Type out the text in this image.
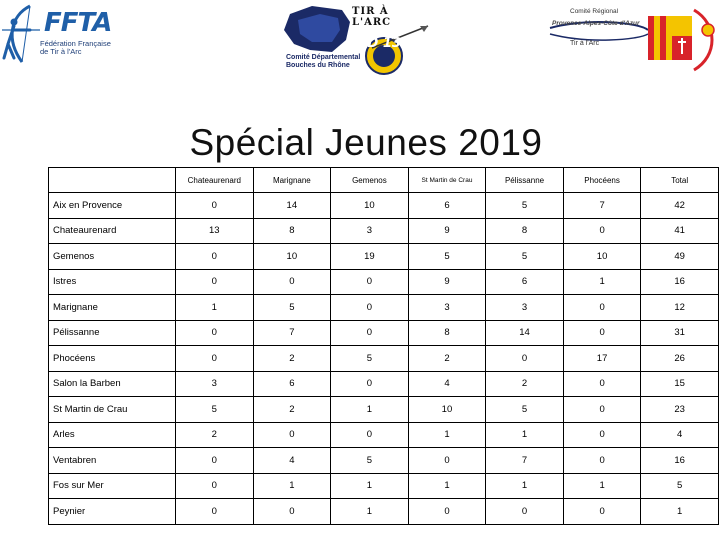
FFTA
Fédération Française de Tir à l'Arc
TIR À L'ARC
Comité Départemental Bouches du Rhône
CD 13
Comité Régional
Provence-Alpes-Côte d'Azur
Tir à l'Arc
Spécial Jeunes 2019
	Chateaurenard	Marignane	Gemenos	St Martin de Crau	Pélissanne	Phocéens	Total
Aix en Provence	0	14	10	6	5	7	42
Chateaurenard	13	8	3	9	8	0	41
Gemenos	0	10	19	5	5	10	49
Istres	0	0	0	9	6	1	16
Marignane	1	5	0	3	3	0	12
Pélissanne	0	7	0	8	14	0	31
Phocéens	0	2	5	2	0	17	26
Salon la Barben	3	6	0	4	2	0	15
St Martin de Crau	5	2	1	10	5	0	23
Arles	2	0	0	1	1	0	4
Ventabren	0	4	5	0	7	0	16
Fos sur Mer	0	1	1	1	1	1	5
Peynier	0	0	1	0	0	0	1
